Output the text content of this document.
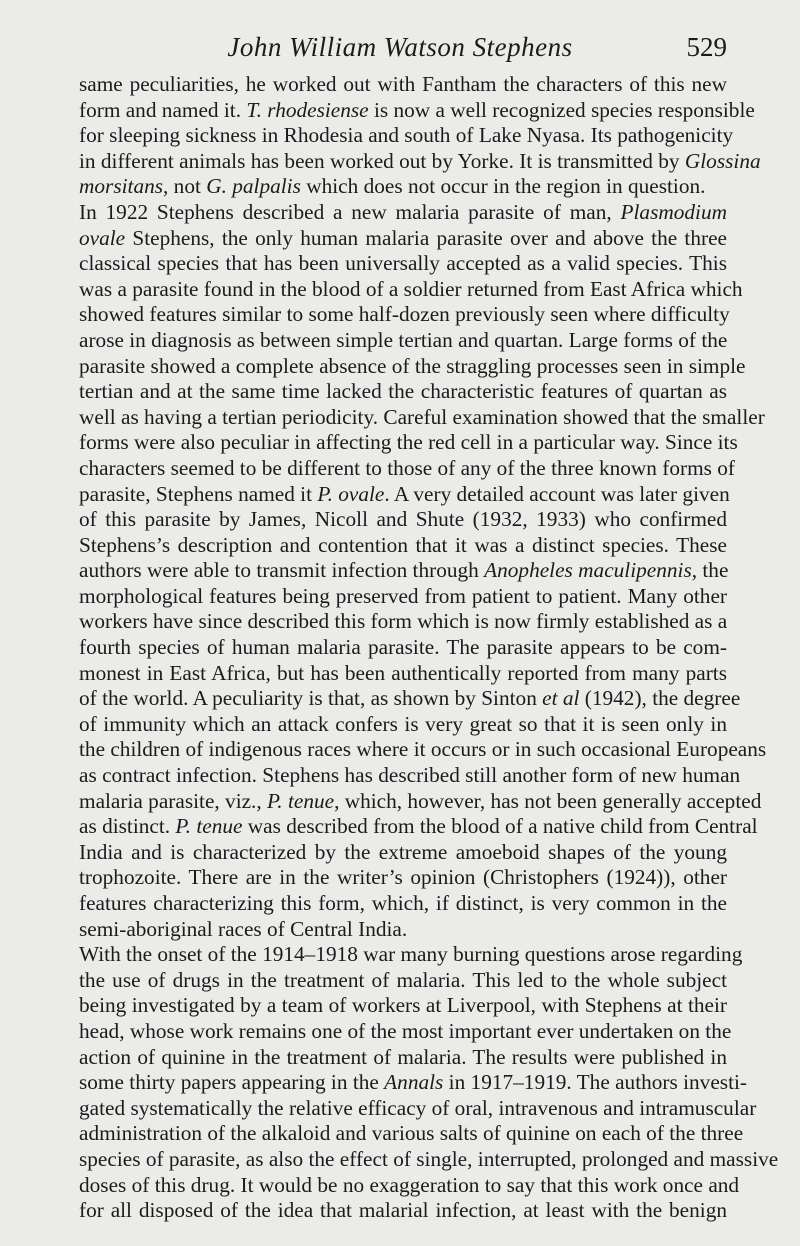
John William Watson Stephens	529
same peculiarities, he worked out with Fantham the characters of this new
form and named it. T. rhodesiense is now a well recognized species responsible
for sleeping sickness in Rhodesia and south of Lake Nyasa. Its pathogenicity
in different animals has been worked out by Yorke. It is transmitted by Glossina
morsitans, not G. palpalis which does not occur in the region in question.
In 1922 Stephens described a new malaria parasite of man, Plasmodium
ovale Stephens, the only human malaria parasite over and above the three
classical species that has been universally accepted as a valid species. This
was a parasite found in the blood of a soldier returned from East Africa which
showed features similar to some half-dozen previously seen where difficulty
arose in diagnosis as between simple tertian and quartan. Large forms of the
parasite showed a complete absence of the straggling processes seen in simple
tertian and at the same time lacked the characteristic features of quartan as
well as having a tertian periodicity. Careful examination showed that the smaller
forms were also peculiar in affecting the red cell in a particular way. Since its
characters seemed to be different to those of any of the three known forms of
parasite, Stephens named it P. ovale. A very detailed account was later given
of this parasite by James, Nicoll and Shute (1932, 1933) who confirmed
Stephens’s description and contention that it was a distinct species. These
authors were able to transmit infection through Anopheles maculipennis, the
morphological features being preserved from patient to patient. Many other
workers have since described this form which is now firmly established as a
fourth species of human malaria parasite. The parasite appears to be com-
monest in East Africa, but has been authentically reported from many parts
of the world. A peculiarity is that, as shown by Sinton et al (1942), the degree
of immunity which an attack confers is very great so that it is seen only in
the children of indigenous races where it occurs or in such occasional Europeans
as contract infection. Stephens has described still another form of new human
malaria parasite, viz., P. tenue, which, however, has not been generally accepted
as distinct. P. tenue was described from the blood of a native child from Central
India and is characterized by the extreme amoeboid shapes of the young
trophozoite. There are in the writer’s opinion (Christophers (1924)), other
features characterizing this form, which, if distinct, is very common in the
semi-aboriginal races of Central India.
With the onset of the 1914–1918 war many burning questions arose regarding
the use of drugs in the treatment of malaria. This led to the whole subject
being investigated by a team of workers at Liverpool, with Stephens at their
head, whose work remains one of the most important ever undertaken on the
action of quinine in the treatment of malaria. The results were published in
some thirty papers appearing in the Annals in 1917–1919. The authors investi-
gated systematically the relative efficacy of oral, intravenous and intramuscular
administration of the alkaloid and various salts of quinine on each of the three
species of parasite, as also the effect of single, interrupted, prolonged and massive
doses of this drug. It would be no exaggeration to say that this work once and
for all disposed of the idea that malarial infection, at least with the benign
